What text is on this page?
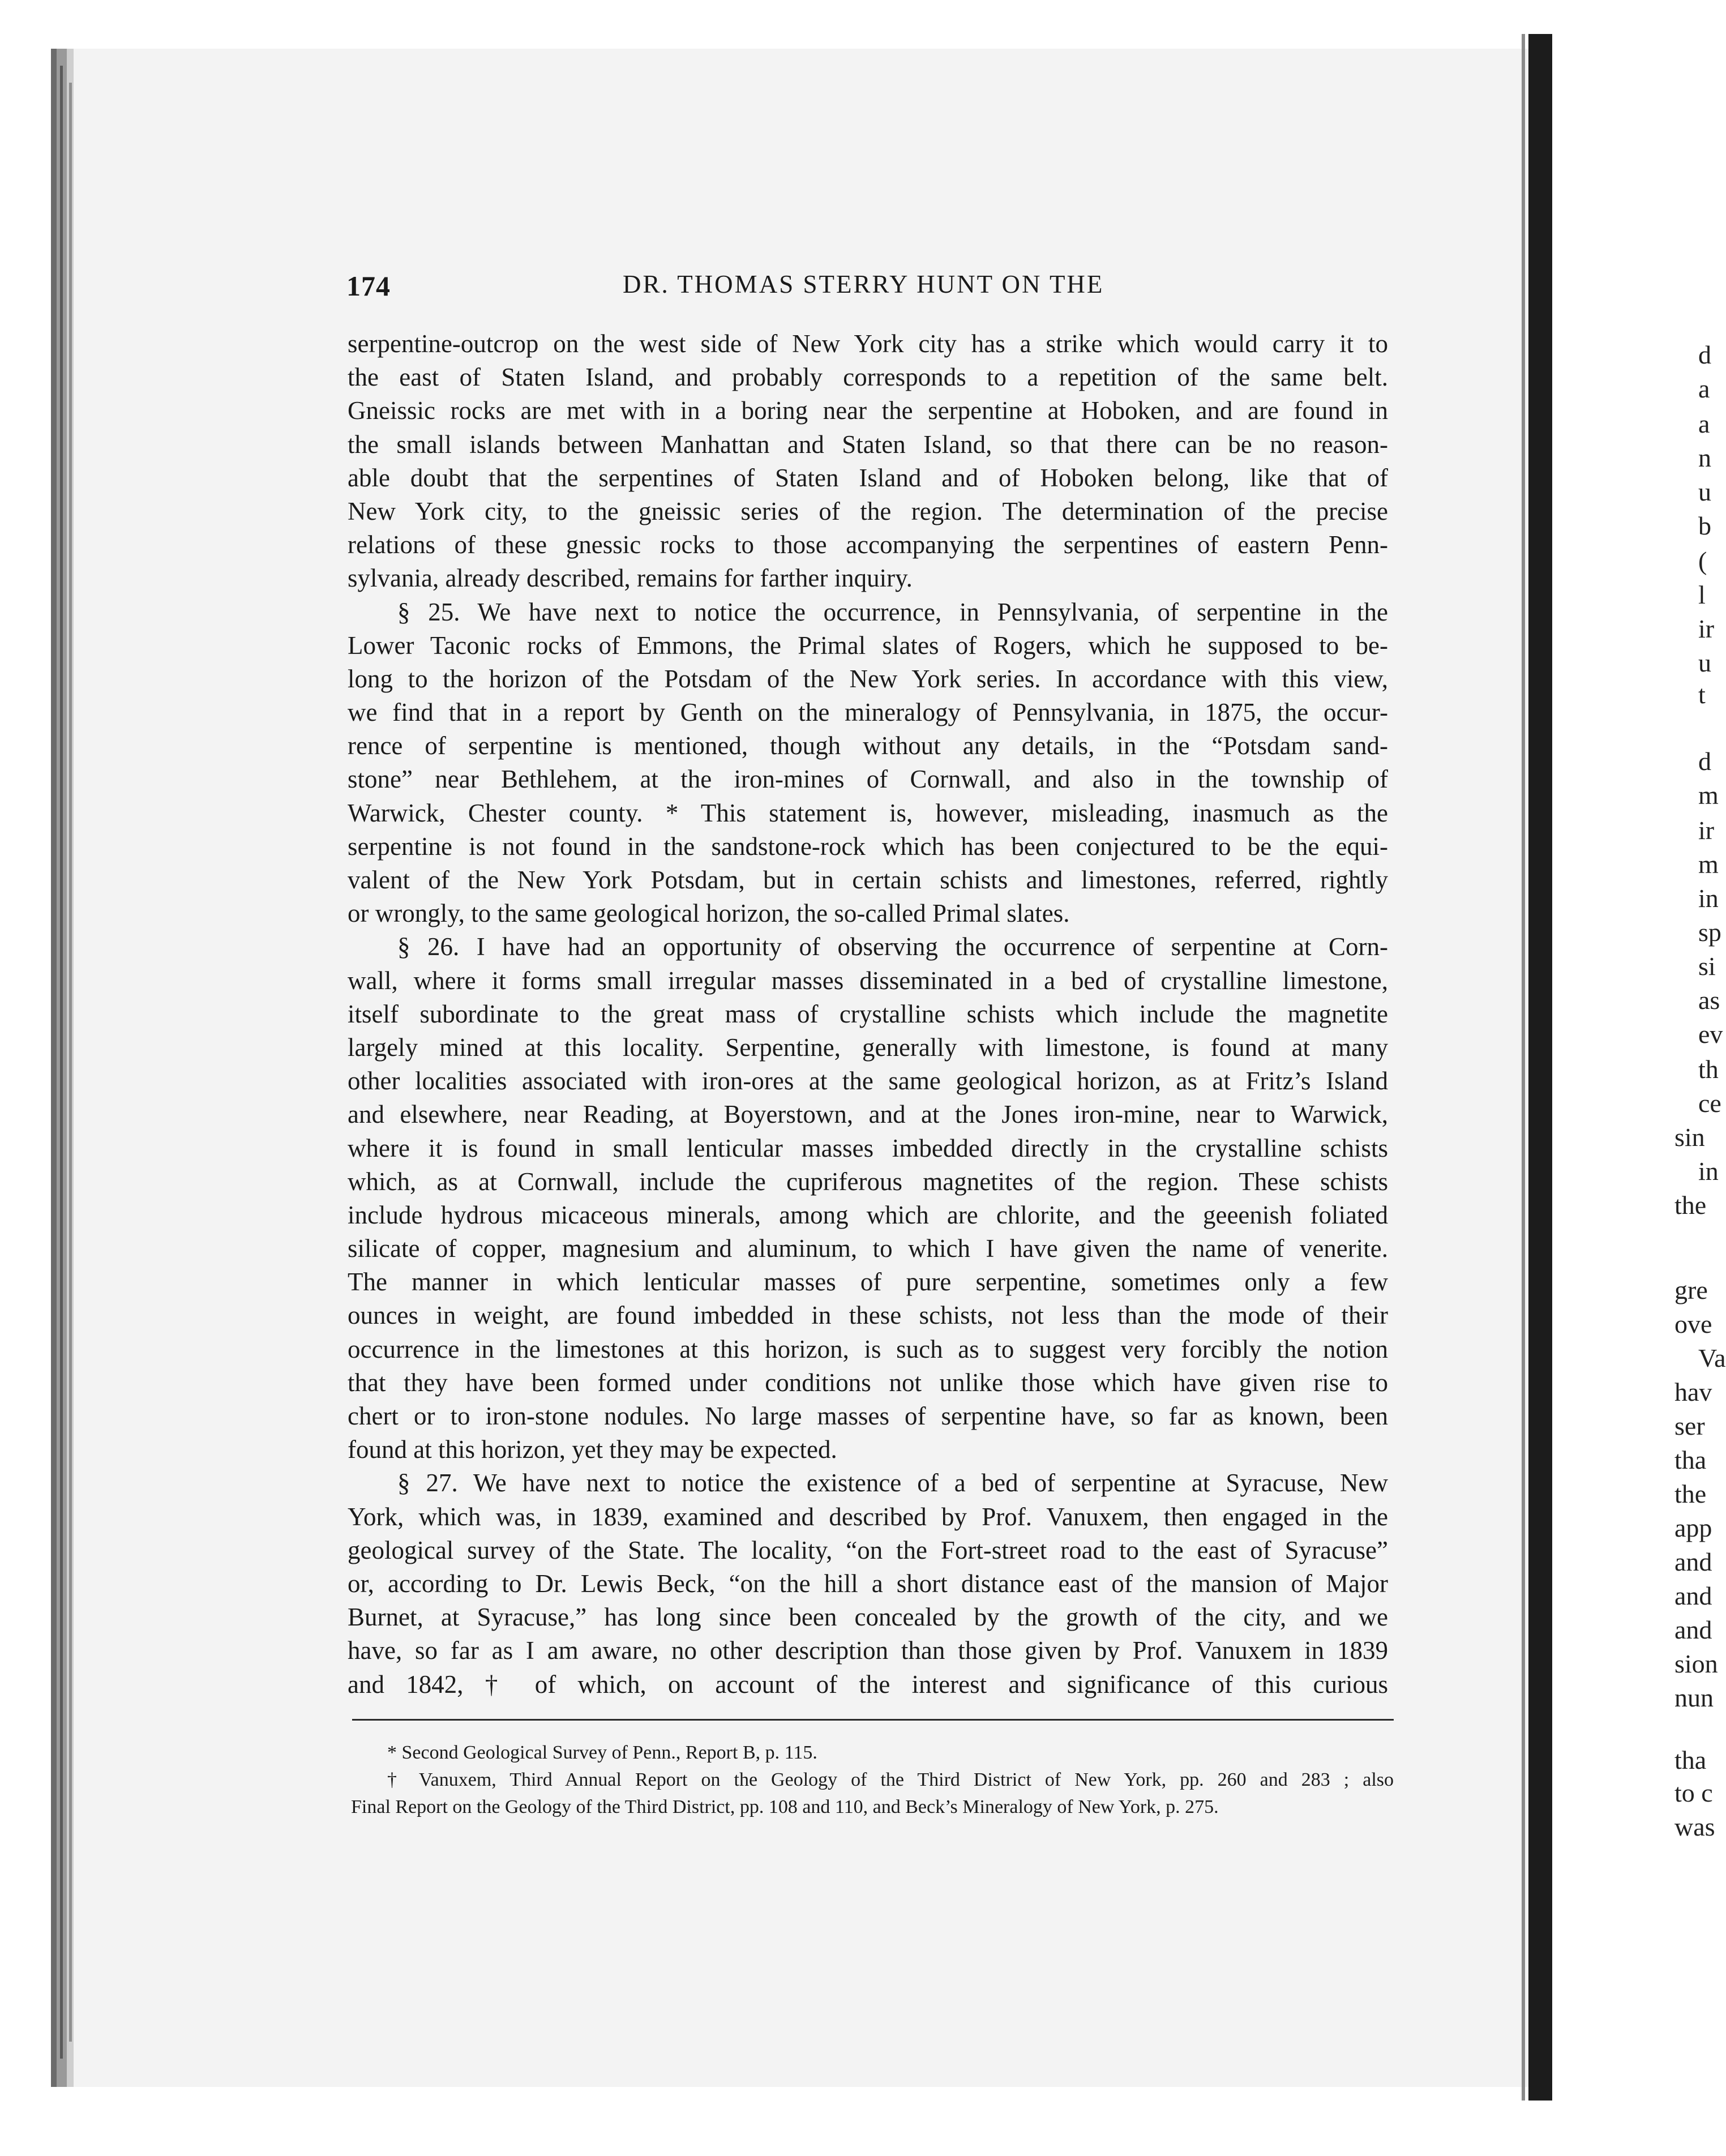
d
a
a
n
u
b
(
l
ir
u
t
d
m
ir
m
in
sp
si
as
ev
th
ce
sin
in
the
gre
ove
Va
hav
ser
tha
the
app
and
and
and
sion
nun
tha
to c
was
174	DR. THOMAS STERRY HUNT ON THE
serpentine-outcrop on the west side of New York city has a strike which would carry it to
the east of Staten Island, and probably corresponds to a repetition of the same belt.
Gneissic rocks are met with in a boring near the serpentine at Hoboken, and are found in
the small islands between Manhattan and Staten Island, so that there can be no reason-
able doubt that the serpentines of Staten Island and of Hoboken belong, like that of
New York city, to the gneissic series of the region. The determination of the precise
relations of these gnessic rocks to those accompanying the serpentines of eastern Penn-
sylvania, already described, remains for farther inquiry.
§ 25. We have next to notice the occurrence, in Pennsylvania, of serpentine in the
Lower Taconic rocks of Emmons, the Primal slates of Rogers, which he supposed to be-
long to the horizon of the Potsdam of the New York series. In accordance with this view,
we find that in a report by Genth on the mineralogy of Pennsylvania, in 1875, the occur-
rence of serpentine is mentioned, though without any details, in the “Potsdam sand-
stone” near Bethlehem, at the iron-mines of Cornwall, and also in the township of
Warwick, Chester county. * This statement is, however, misleading, inasmuch as the
serpentine is not found in the sandstone-rock which has been conjectured to be the equi-
valent of the New York Potsdam, but in certain schists and limestones, referred, rightly
or wrongly, to the same geological horizon, the so-called Primal slates.
§ 26. I have had an opportunity of observing the occurrence of serpentine at Corn-
wall, where it forms small irregular masses disseminated in a bed of crystalline limestone,
itself subordinate to the great mass of crystalline schists which include the magnetite
largely mined at this locality. Serpentine, generally with limestone, is found at many
other localities associated with iron-ores at the same geological horizon, as at Fritz’s Island
and elsewhere, near Reading, at Boyerstown, and at the Jones iron-mine, near to Warwick,
where it is found in small lenticular masses imbedded directly in the crystalline schists
which, as at Cornwall, include the cupriferous magnetites of the region. These schists
include hydrous micaceous minerals, among which are chlorite, and the geeenish foliated
silicate of copper, magnesium and aluminum, to which I have given the name of venerite.
The manner in which lenticular masses of pure serpentine, sometimes only a few
ounces in weight, are found imbedded in these schists, not less than the mode of their
occurrence in the limestones at this horizon, is such as to suggest very forcibly the notion
that they have been formed under conditions not unlike those which have given rise to
chert or to iron-stone nodules. No large masses of serpentine have, so far as known, been
found at this horizon, yet they may be expected.
§ 27. We have next to notice the existence of a bed of serpentine at Syracuse, New
York, which was, in 1839, examined and described by Prof. Vanuxem, then engaged in the
geological survey of the State. The locality, “on the Fort-street road to the east of Syracuse”
or, according to Dr. Lewis Beck, “on the hill a short distance east of the mansion of Major
Burnet, at Syracuse,” has long since been concealed by the growth of the city, and we
have, so far as I am aware, no other description than those given by Prof. Vanuxem in 1839
and 1842, † of which, on account of the interest and significance of this curious
* Second Geological Survey of Penn., Report B, p. 115.
† Vanuxem, Third Annual Report on the Geology of the Third District of New York, pp. 260 and 283 ; also
Final Report on the Geology of the Third District, pp. 108 and 110, and Beck’s Mineralogy of New York, p. 275.
